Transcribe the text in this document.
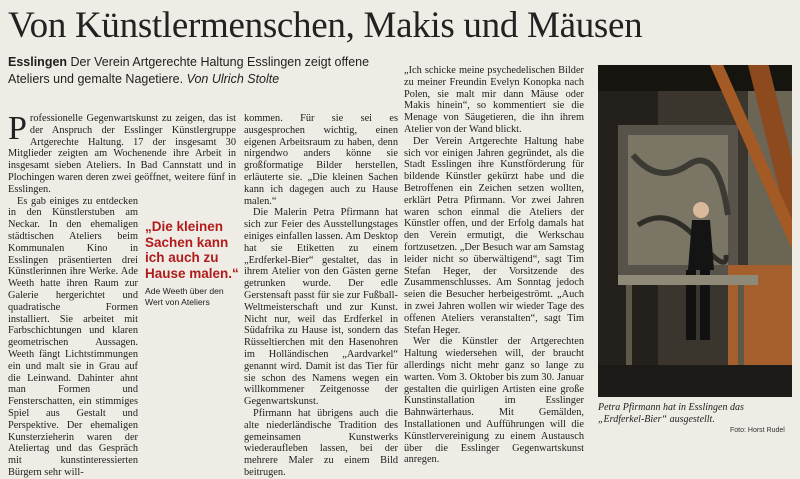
Von Künstlermenschen, Makis und Mäusen
Esslingen Der Verein Artgerechte Haltung Esslingen zeigt offene Ateliers und gemalte Nagetiere. Von Ulrich Stolte

Professionelle Gegenwartskunst zu zeigen, das ist der Anspruch der Esslinger Künstlergruppe Artgerechte Haltung. 17 der insgesamt 30 Mitglieder zeigten am Wochenende ihre Arbeit in insgesamt sieben Ateliers. In Bad Cannstatt und in Plochingen waren deren zwei geöffnet, weitere fünf in Esslingen.

Es gab einiges zu entdecken in den Künstlerstuben am Neckar. In den ehemaligen städtischen Ateliers beim Kommunalen Kino in Esslingen präsentierten drei Künstlerinnen ihre Werke. Ade Weeth hatte ihren Raum zur Galerie hergerichtet und quadratische Formen installiert. Sie arbeitet mit Farbschichtungen und klaren geometrischen Aussagen. Weeth fängt Lichtstimmungen ein und malt sie in Grau auf die Leinwand. Dahinter ahnt man Formen und Fensterschatten, ein stimmiges Spiel aus Gestalt und Perspektive. Der ehemaligen Kunsterzieherin waren der Ateliertag und das Gespräch mit kunstinteressierten Bürgern sehr will-

„Die kleinen Sachen kann ich auch zu Hause malen.“
Ade Weeth über den Wert von Ateliers

kommen. Für sie sei es ausgesprochen wichtig, einen eigenen Arbeitsraum zu haben, denn nirgendwo anders könne sie großformatige Bilder herstellen, erläuterte sie. „Die kleinen Sachen kann ich dagegen auch zu Hause malen.“

Die Malerin Petra Pfirmann hat sich zur Feier des Ausstellungstages einiges einfallen lassen. Am Desktop hat sie Etiketten zu einem „Erdferkel-Bier“ gestaltet, das in ihrem Atelier von den Gästen gerne getrunken wurde. Der edle Gerstensaft passt für sie zur Fußball-Weltmeisterschaft und zur Kunst. Nicht nur, weil das Erdferkel in Südafrika zu Hause ist, sondern das Rüsseltierchen mit den Hasenohren im Holländischen „Aardvarkel“ genannt wird. Damit ist das Tier für sie schon des Namens wegen ein willkommener Zeitgenosse der Gegenwartskunst.

Pfirmann hat übrigens auch die alte niederländische Tradition des gemeinsamen Kunstwerks wiederaufleben lassen, bei der mehrere Maler zu einem Bild beitrugen.

„Ich schicke meine psychedelischen Bilder zu meiner Freundin Evelyn Konopka nach Polen, sie malt mir dann Mäuse oder Makis hinein“, so kommentiert sie die Menage von Säugetieren, die ihn ihrem Atelier von der Wand blickt.

Der Verein Artgerechte Haltung habe sich vor einigen Jahren gegründet, als die Stadt Esslingen ihre Kunstförderung für bildende Künstler gekürzt habe und die Betroffenen ein Zeichen setzen wollten, erklärt Petra Pfirmann. Vor zwei Jahren waren schon einmal die Ateliers der Künstler offen, und der Erfolg damals hat den Verein ermutigt, die Werkschau fortzusetzen. „Der Besuch war am Samstag leider nicht so überwältigend“, sagt Tim Stefan Heger, der Vorsitzende des Zusammenschlusses. Am Sonntag jedoch seien die Besucher herbeigeströmt. „Auch in zwei Jahren wollen wir wieder Tage des offenen Ateliers veranstalten“, sagt Tim Stefan Heger.

Wer die Künstler der Artgerechten Haltung wiedersehen will, der braucht allerdings nicht mehr ganz so lange zu warten. Vom 3. Oktober bis zum 30. Januar gestalten die quirligen Artisten eine große Kunstinstallation im Esslinger Bahnwärterhaus. Mit Gemälden, Installationen und Aufführungen will die Künstlervereinigung zu einem Austausch über die Esslinger Gegenwartskunst anregen.

Petra Pfirmann hat in Esslingen das „Erdferkel-Bier“ ausgestellt.
Foto: Horst Rudel
